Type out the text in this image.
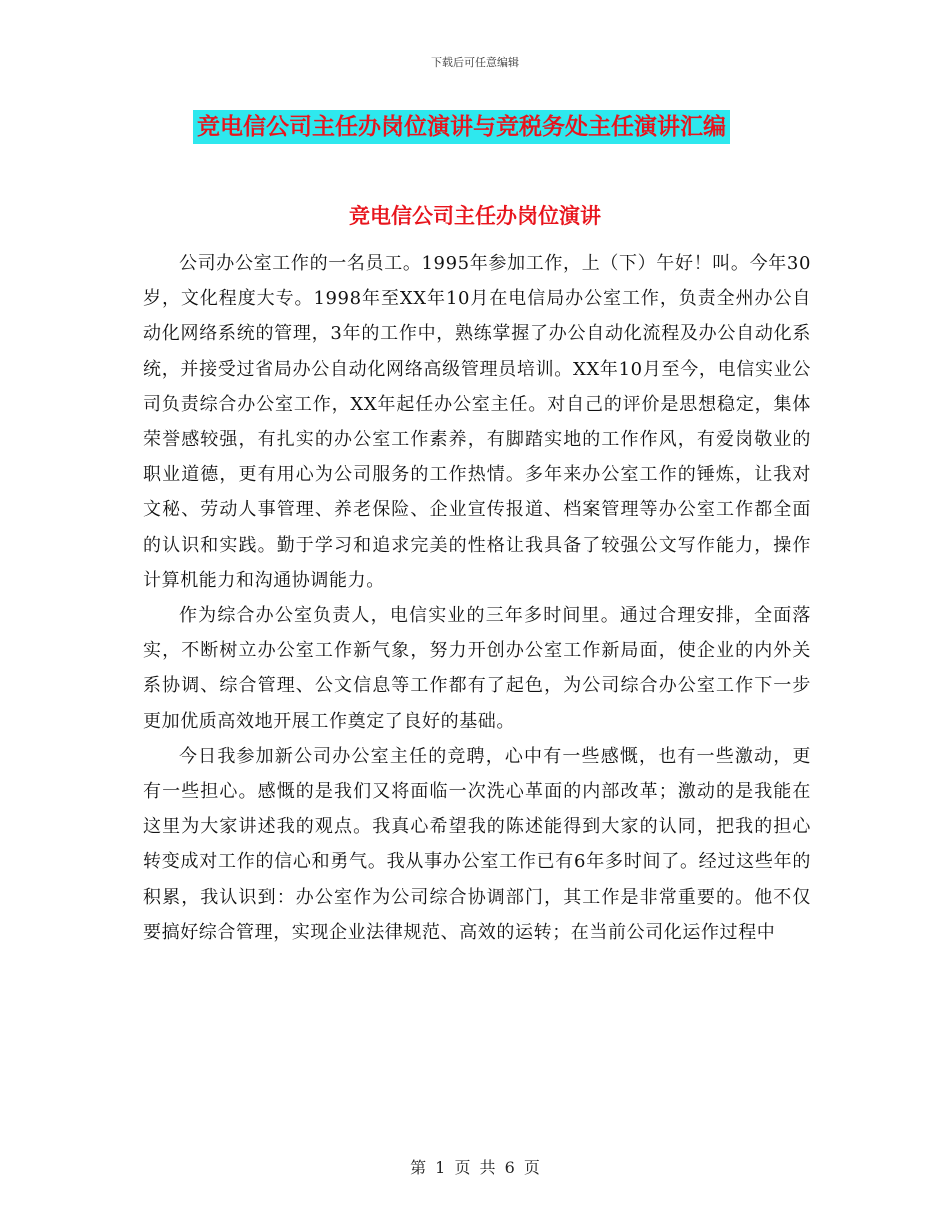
下载后可任意编辑
竞电信公司主任办岗位演讲与竞税务处主任演讲汇编
竞电信公司主任办岗位演讲

公司办公室工作的一名员工。1995年参加工作，上（下）午好！叫。今年30岁，文化程度大专。1998年至XX年10月在电信局办公室工作，负责全州办公自动化网络系统的管理，3年的工作中，熟练掌握了办公自动化流程及办公自动化系统，并接受过省局办公自动化网络高级管理员培训。XX年10月至今，电信实业公司负责综合办公室工作，XX年起任办公室主任。对自己的评价是思想稳定，集体荣誉感较强，有扎实的办公室工作素养，有脚踏实地的工作作风，有爱岗敬业的职业道德，更有用心为公司服务的工作热情。多年来办公室工作的锤炼，让我对文秘、劳动人事管理、养老保险、企业宣传报道、档案管理等办公室工作都全面的认识和实践。勤于学习和追求完美的性格让我具备了较强公文写作能力，操作计算机能力和沟通协调能力。

作为综合办公室负责人，电信实业的三年多时间里。通过合理安排，全面落实，不断树立办公室工作新气象，努力开创办公室工作新局面，使企业的内外关系协调、综合管理、公文信息等工作都有了起色，为公司综合办公室工作下一步更加优质高效地开展工作奠定了良好的基础。

今日我参加新公司办公室主任的竞聘，心中有一些感慨，也有一些激动，更有一些担心。感慨的是我们又将面临一次洗心革面的内部改革；激动的是我能在这里为大家讲述我的观点。我真心希望我的陈述能得到大家的认同，把我的担心转变成对工作的信心和勇气。我从事办公室工作已有6年多时间了。经过这些年的积累，我认识到：办公室作为公司综合协调部门，其工作是非常重要的。他不仅要搞好综合管理，实现企业法律规范、高效的运转；在当前公司化运作过程中

第 1 页 共 6 页
